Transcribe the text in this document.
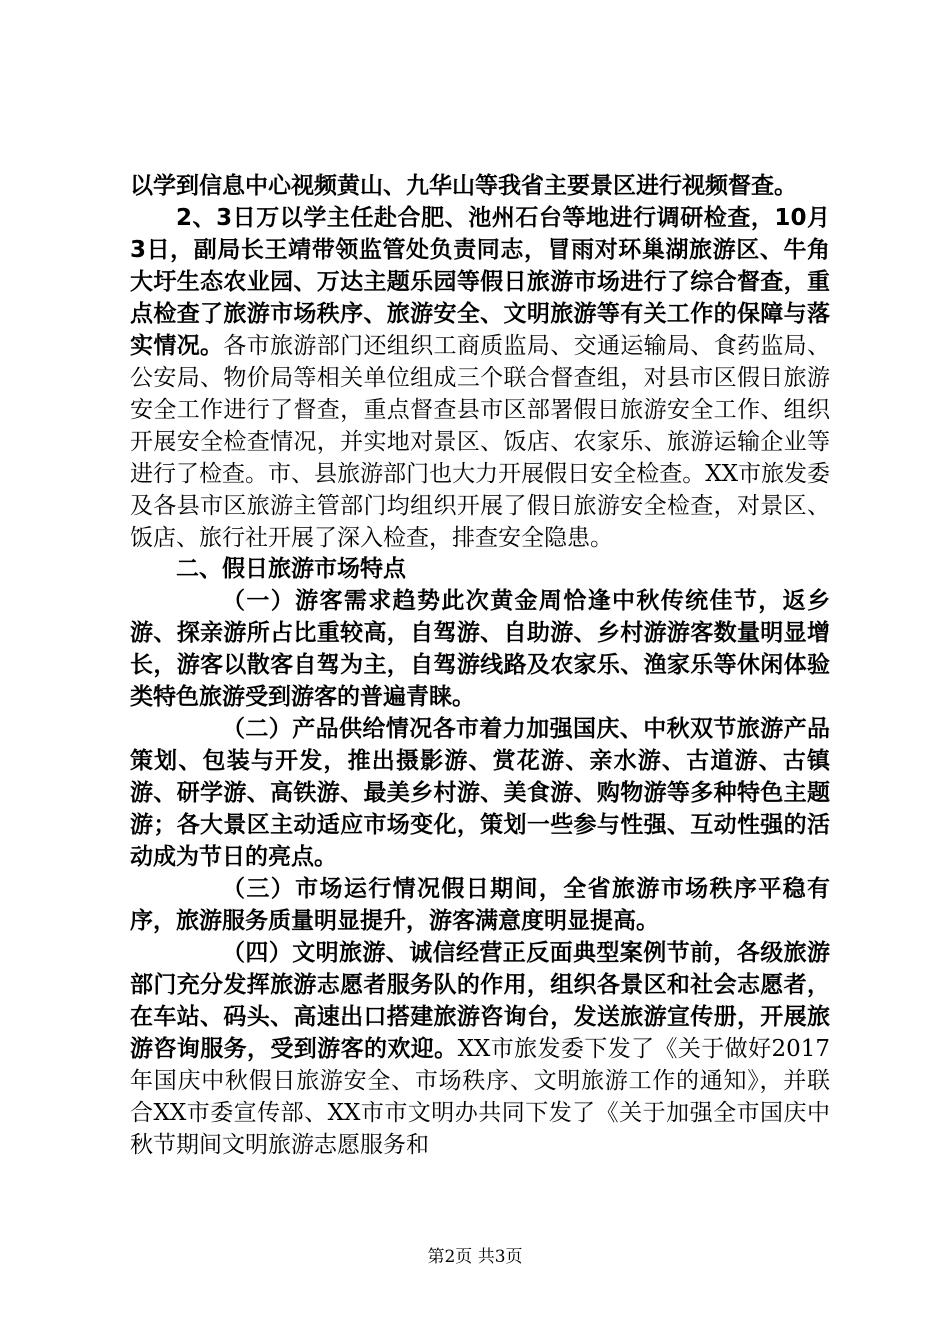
以学到信息中心视频黄山、九华山等我省主要景区进行视频督查。

2、3日万以学主任赴合肥、池州石台等地进行调研检查，10月3日，副局长王靖带领监管处负责同志，冒雨对环巢湖旅游区、牛角大圩生态农业园、万达主题乐园等假日旅游市场进行了综合督查，重点检查了旅游市场秩序、旅游安全、文明旅游等有关工作的保障与落实情况。各市旅游部门还组织工商质监局、交通运输局、食药监局、公安局、物价局等相关单位组成三个联合督查组，对县市区假日旅游安全工作进行了督查，重点督查县市区部署假日旅游安全工作、组织开展安全检查情况，并实地对景区、饭店、农家乐、旅游运输企业等进行了检查。市、县旅游部门也大力开展假日安全检查。XX市旅发委及各县市区旅游主管部门均组织开展了假日旅游安全检查，对景区、饭店、旅行社开展了深入检查，排查安全隐患。

二、假日旅游市场特点

（一）游客需求趋势此次黄金周恰逢中秋传统佳节，返乡游、探亲游所占比重较高，自驾游、自助游、乡村游游客数量明显增长，游客以散客自驾为主，自驾游线路及农家乐、渔家乐等休闲体验类特色旅游受到游客的普遍青睐。

（二）产品供给情况各市着力加强国庆、中秋双节旅游产品策划、包装与开发，推出摄影游、赏花游、亲水游、古道游、古镇游、研学游、高铁游、最美乡村游、美食游、购物游等多种特色主题游；各大景区主动适应市场变化，策划一些参与性强、互动性强的活动成为节日的亮点。

（三）市场运行情况假日期间，全省旅游市场秩序平稳有序，旅游服务质量明显提升，游客满意度明显提高。

（四）文明旅游、诚信经营正反面典型案例节前，各级旅游部门充分发挥旅游志愿者服务队的作用，组织各景区和社会志愿者，在车站、码头、高速出口搭建旅游咨询台，发送旅游宣传册，开展旅游咨询服务，受到游客的欢迎。XX市旅发委下发了《关于做好2017年国庆中秋假日旅游安全、市场秩序、文明旅游工作的通知》，并联合XX市委宣传部、XX市市文明办共同下发了《关于加强全市国庆中秋节期间文明旅游志愿服务和

第2页 共3页
